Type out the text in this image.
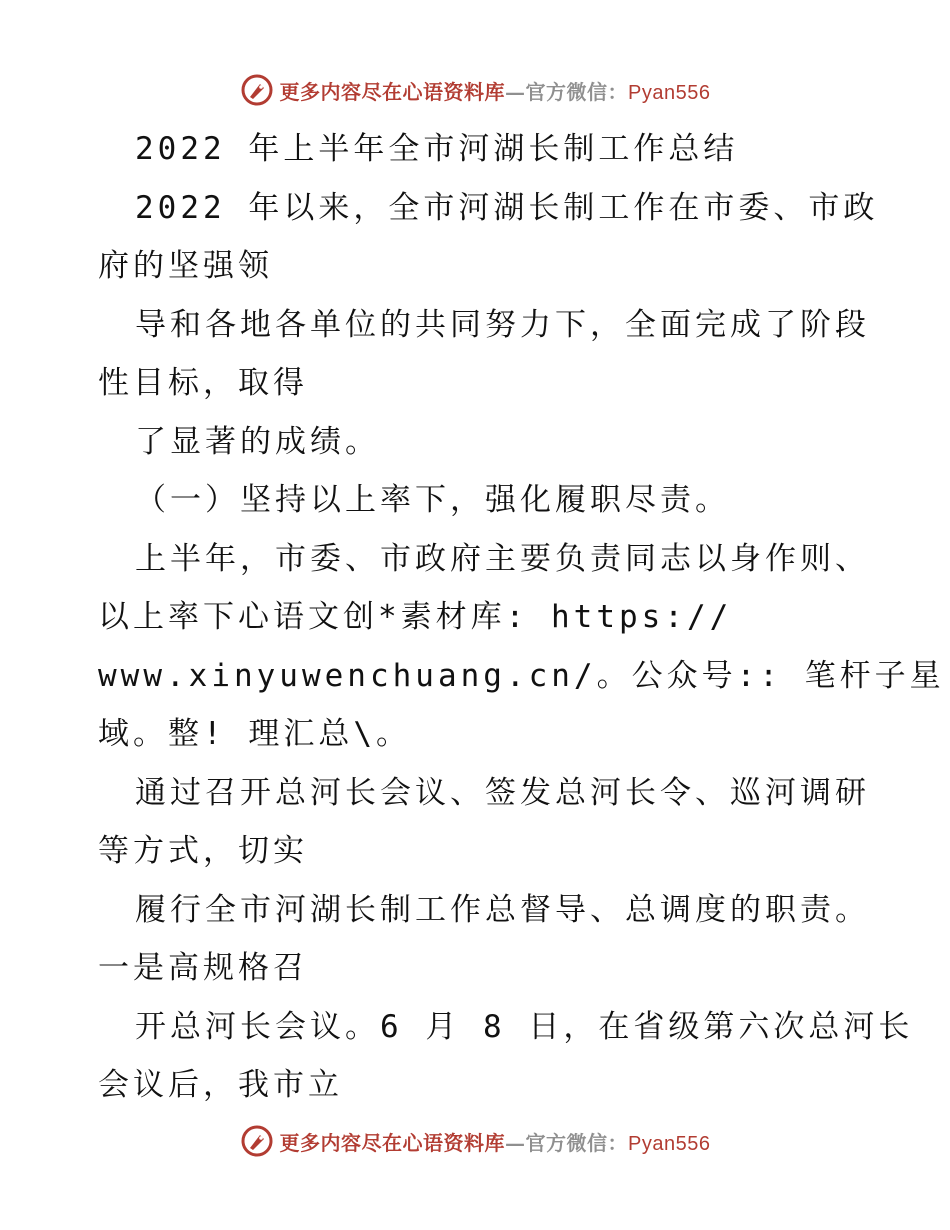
更多内容尽在心语资料库—官方微信：Pyan556
2022 年上半年全市河湖长制工作总结
2022 年以来，全市河湖长制工作在市委、市政
府的坚强领
导和各地各单位的共同努力下，全面完成了阶段
性目标，取得
了显著的成绩。
（一）坚持以上率下，强化履职尽责。
上半年，市委、市政府主要负责同志以身作则、
以上率下心语文创*素材库: https://
www.xinyuwenchuang.cn/。公众号:: 笔杆子星
域。整! 理汇总\。
通过召开总河长会议、签发总河长令、巡河调研
等方式，切实
履行全市河湖长制工作总督导、总调度的职责。
一是高规格召
开总河长会议。6 月 8 日，在省级第六次总河长
会议后，我市立
更多内容尽在心语资料库—官方微信：Pyan556
